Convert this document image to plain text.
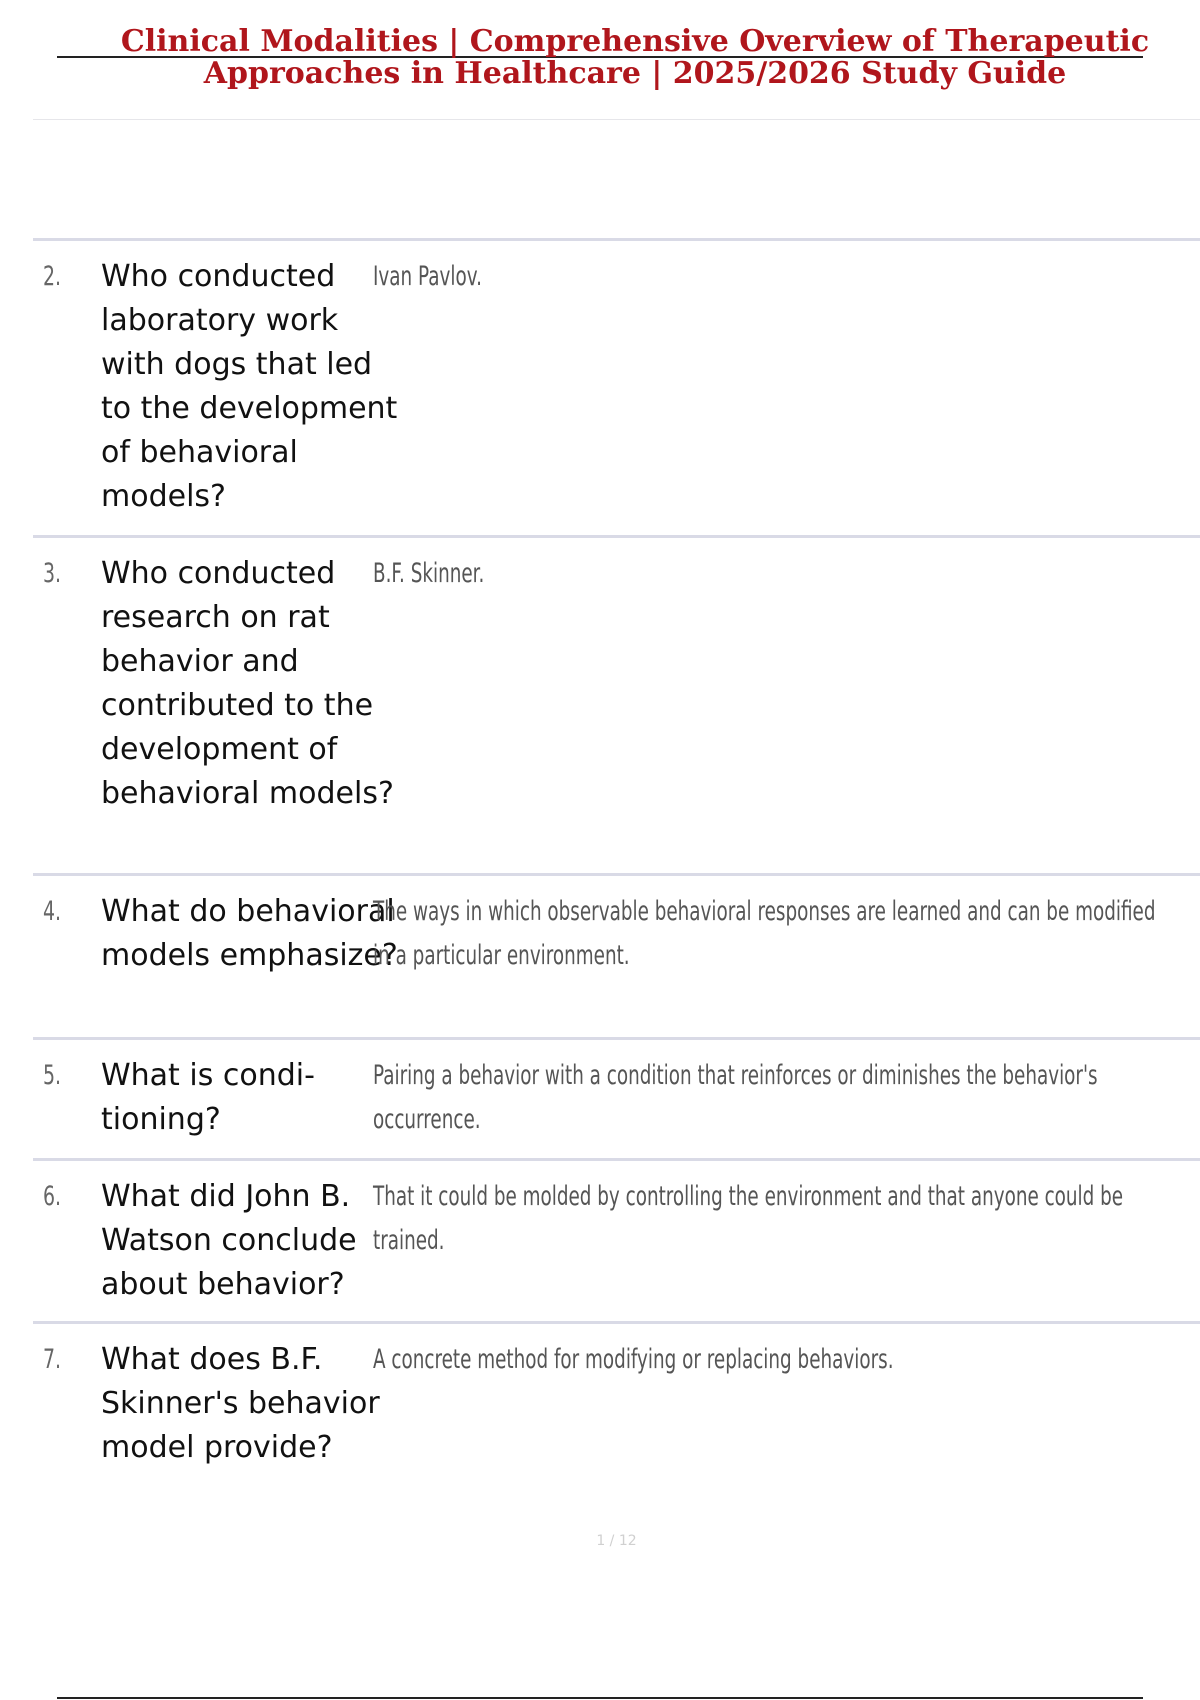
Clinical Modalities | Comprehensive Overview of Therapeutic Approaches in Healthcare | 2025/2026 Study Guide
2. Who conducted laboratory work with dogs that led to the development of behavioral models?
Ivan Pavlov.
3. Who conducted research on rat behavior and contributed to the development of behavioral models?
B.F. Skinner.
4. What do behavioral models emphasize?
The ways in which observable behavioral responses are learned and can be modified in a particular environment.
5. What is conditioning?
Pairing a behavior with a condition that reinforces or diminishes the behavior's occurrence.
6. What did John B. Watson conclude about behavior?
That it could be molded by controlling the environment and that anyone could be trained.
7. What does B.F. Skinner's behavior model provide?
A concrete method for modifying or replacing behaviors.
1 / 12
